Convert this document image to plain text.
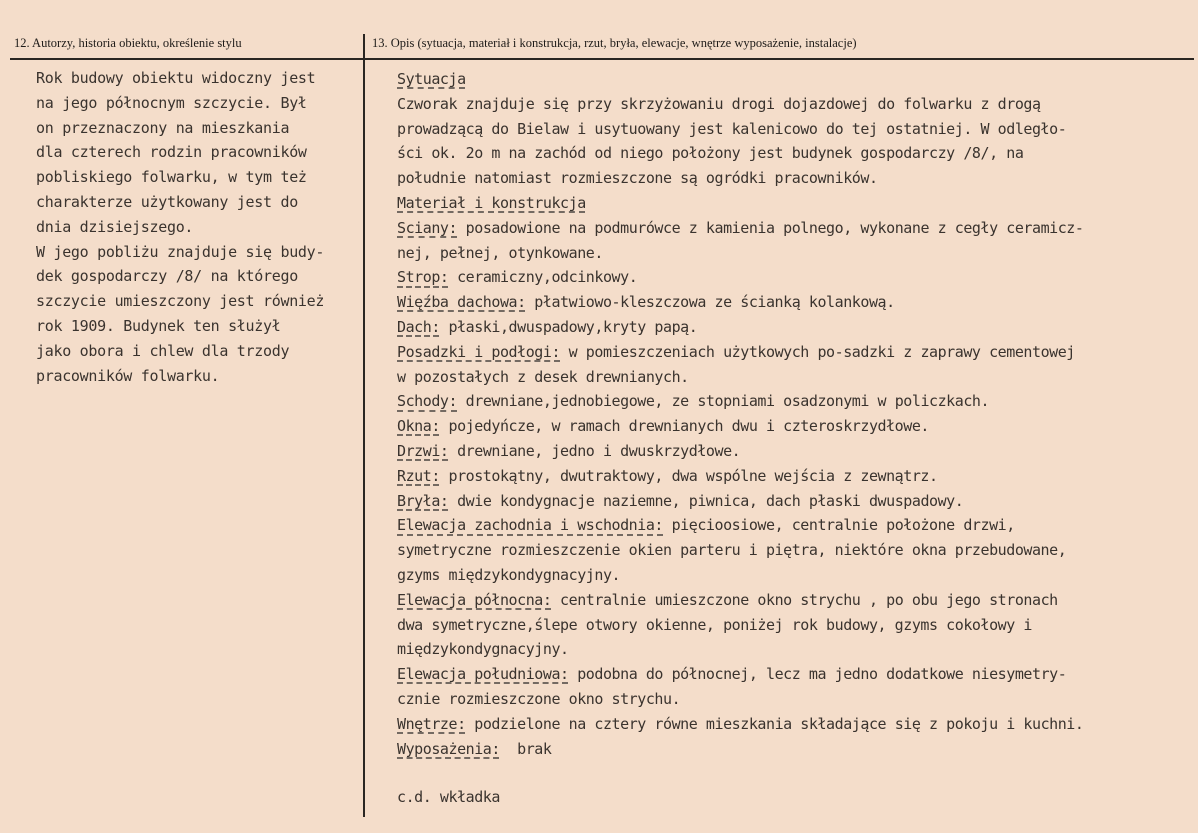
12. Autorzy, historia obiektu, określenie stylu	13. Opis (sytuacja, materiał i konstrukcja, rzut, bryła, elewacje, wnętrze wyposażenie, instalacje)
Rok budowy obiektu widoczny jest
na jego północnym szczycie. Był
on przeznaczony na mieszkania
dla czterech rodzin pracowników
pobliskiego folwarku, w tym też
charakterze użytkowany jest do
dnia dzisiejszego.
W jego pobliżu znajduje się budy-
dek gospodarczy /8/ na którego
szczycie umieszczony jest również
rok 1909. Budynek ten służył
jako obora i chlew dla trzody
pracowników folwarku.
Sytuacja
Czworak znajduje się przy skrzyżowaniu drogi dojazdowej do folwarku z drogą
prowadzącą do Bielaw i usytuowany jest kalenicowo do tej ostatniej. W odległo-
ści ok. 2o m na zachód od niego położony jest budynek gospodarczy /8/, na
południe natomiast rozmieszczone są ogródki pracowników.
Materiał i konstrukcja
Sciany: posadowione na podmurówce z kamienia polnego, wykonane z cegły ceramicz-
nej, pełnej, otynkowane.
Strop: ceramiczny,odcinkowy.
Więźba dachowa: płatwiowo-kleszczowa ze ścianką kolankową.
Dach: płaski,dwuspadowy,kryty papą.
Posadzki i podłogi: w pomieszczeniach użytkowych po-sadzki z zaprawy cementowej
w pozostałych z desek drewnianych.
Schody: drewniane,jednobiegowe, ze stopniami osadzonymi w policzkach.
Okna: pojedyńcze, w ramach drewnianych dwu i czteroskrzydłowe.
Drzwi: drewniane, jedno i dwuskrzydłowe.
Rzut: prostokątny, dwutraktowy, dwa wspólne wejścia z zewnątrz.
Bryła: dwie kondygnacje naziemne, piwnica, dach płaski dwuspadowy.
Elewacja zachodnia i wschodnia: pięcioosiowe, centralnie położone drzwi,
symetryczne rozmieszczenie okien parteru i piętra, niektóre okna przebudowane,
gzyms międzykondygnacyjny.
Elewacja północna: centralnie umieszczone okno strychu , po obu jego stronach
dwa symetryczne,ślepe otwory okienne, poniżej rok budowy, gzyms cokołowy i
międzykondygnacyjny.
Elewacja południowa: podobna do północnej, lecz ma jedno dodatkowe niesymetry-
cznie rozmieszczone okno strychu.
Wnętrze: podzielone na cztery równe mieszkania składające się z pokoju i kuchni.
Wyposażenia:  brak
c.d. wkładka
